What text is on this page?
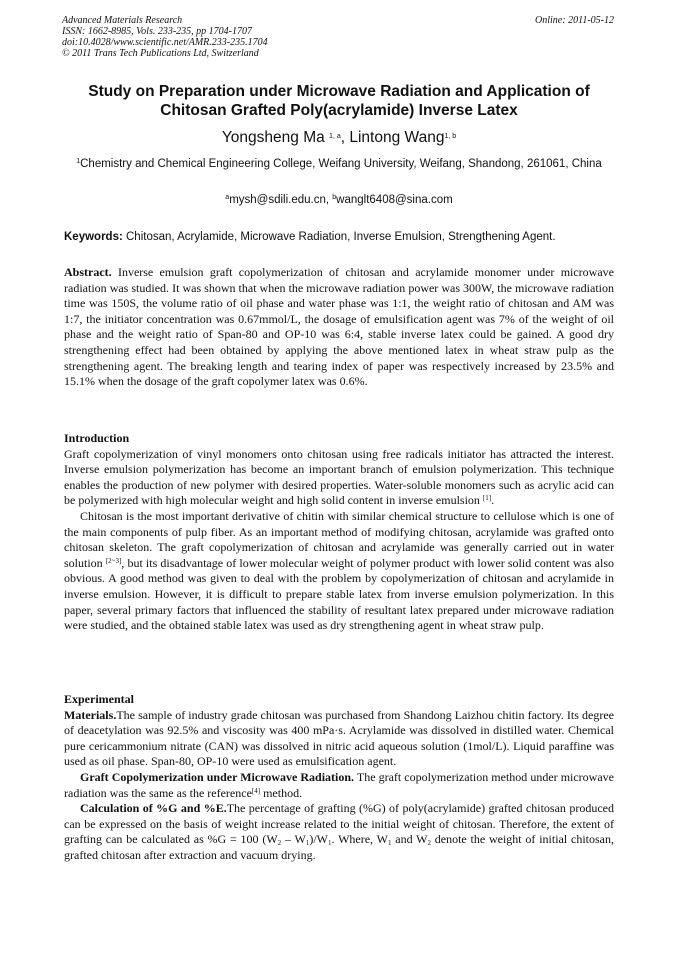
Advanced Materials Research
ISSN: 1662-8985, Vols. 233-235, pp 1704-1707
doi:10.4028/www.scientific.net/AMR.233-235.1704
© 2011 Trans Tech Publications Ltd, Switzerland
Online: 2011-05-12
Study on Preparation under Microwave Radiation and Application of
Chitosan Grafted Poly(acrylamide) Inverse Latex
Yongsheng Ma $^{1, a}$, Lintong Wang$^{1, b}$
$^1$Chemistry and Chemical Engineering College, Weifang University, Weifang, Shandong, 261061, China
$^a$mysh@sdili.edu.cn, $^b$wanglt6408@sina.com
Keywords: Chitosan, Acrylamide, Microwave Radiation, Inverse Emulsion, Strengthening Agent.

Abstract. Inverse emulsion graft copolymerization of chitosan and acrylamide monomer under microwave radiation was studied. It was shown that when the microwave radiation power was 300W, the microwave radiation time was 150S, the volume ratio of oil phase and water phase was 1:1, the weight ratio of chitosan and AM was 1:7, the initiator concentration was 0.67mmol/L, the dosage of emulsification agent was 7% of the weight of oil phase and the weight ratio of Span-80 and OP-10 was 6:4, stable inverse latex could be gained. A good dry strengthening effect had been obtained by applying the above mentioned latex in wheat straw pulp as the strengthening agent. The breaking length and tearing index of paper was respectively increased by 23.5% and 15.1% when the dosage of the graft copolymer latex was 0.6%.

Introduction

Graft copolymerization of vinyl monomers onto chitosan using free radicals initiator has attracted the interest. Inverse emulsion polymerization has become an important branch of emulsion polymerization. This technique enables the production of new polymer with desired properties. Water-soluble monomers such as acrylic acid can be polymerized with high molecular weight and high solid content in inverse emulsion [1].

Chitosan is the most important derivative of chitin with similar chemical structure to cellulose which is one of the main components of pulp fiber. As an important method of modifying chitosan, acrylamide was grafted onto chitosan skeleton. The graft copolymerization of chitosan and acrylamide was generally carried out in water solution [2~3], but its disadvantage of lower molecular weight of polymer product with lower solid content was also obvious. A good method was given to deal with the problem by copolymerization of chitosan and acrylamide in inverse emulsion. However, it is difficult to prepare stable latex from inverse emulsion polymerization. In this paper, several primary factors that influenced the stability of resultant latex prepared under microwave radiation were studied, and the obtained stable latex was used as dry strengthening agent in wheat straw pulp.

Experimental

Materials.The sample of industry grade chitosan was purchased from Shandong Laizhou chitin factory. Its degree of deacetylation was 92.5% and viscosity was 400 mPa·s. Acrylamide was dissolved in distilled water. Chemical pure cericammonium nitrate (CAN) was dissolved in nitric acid aqueous solution (1mol/L). Liquid paraffine was used as oil phase. Span-80, OP-10 were used as emulsification agent.

Graft Copolymerization under Microwave Radiation. The graft copolymerization method under microwave radiation was the same as the reference[4] method.

Calculation of %G and %E.The percentage of grafting (%G) of poly(acrylamide) grafted chitosan produced can be expressed on the basis of weight increase related to the initial weight of chitosan. Therefore, the extent of grafting can be calculated as %G = 100 $(W_2 - W_1)/W_1$. Where, $W_1$ and $W_2$ denote the weight of initial chitosan, grafted chitosan after extraction and vacuum drying.
